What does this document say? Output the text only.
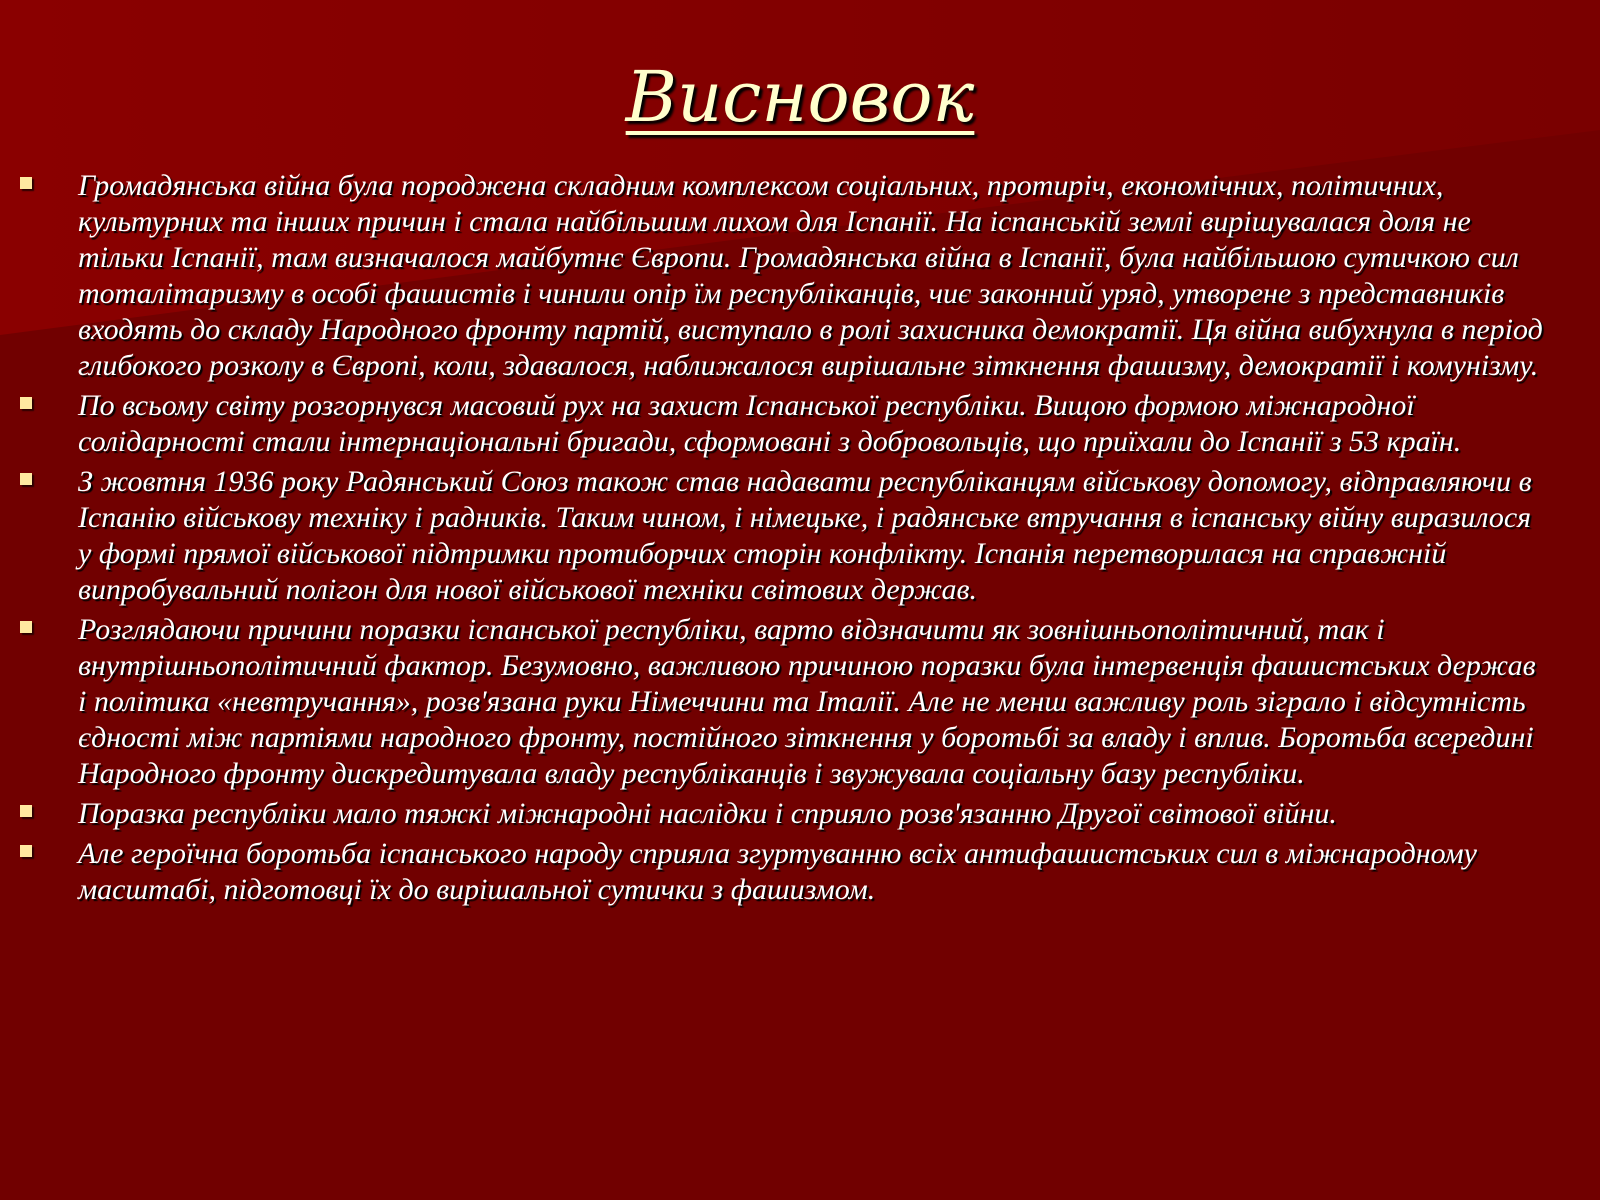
Висновок
Громадянська війна була породжена складним комплексом соціальних, протиріч, економічних, політичних, культурних та інших причин і стала найбільшим лихом для Іспанії. На іспанській землі вирішувалася доля не тільки Іспанії, там визначалося майбутнє Європи. Громадянська війна в Іспанії, була найбільшою сутичкою сил тоталітаризму в особі фашистів і чинили опір їм республіканців, чиє законний уряд, утворене з представників входять до складу Народного фронту партій, виступало в ролі захисника демократії. Ця війна вибухнула в період глибокого розколу в Європі, коли, здавалося, наближалося вирішальне зіткнення фашизму, демократії і комунізму.
По всьому світу розгорнувся масовий рух на захист Іспанської республіки. Вищою формою міжнародної солідарності стали інтернаціональні бригади, сформовані з добровольців, що приїхали до Іспанії з 53 країн.
З жовтня 1936 року Радянський Союз також став надавати республіканцям військову допомогу, відправляючи в Іспанію військову техніку і радників. Таким чином, і німецьке, і радянське втручання в іспанську війну виразилося у формі прямої військової підтримки протиборчих сторін конфлікту. Іспанія перетворилася на справжній випробувальний полігон для нової військової техніки світових держав.
Розглядаючи причини поразки іспанської республіки, варто відзначити як зовнішньополітичний, так і внутрішньополітичний фактор. Безумовно, важливою причиною поразки була інтервенція фашистських держав і політика «невтручання», розв'язана руки Німеччини та Італії. Але не менш важливу роль зіграло і відсутність єдності між партіями народного фронту, постійного зіткнення у боротьбі за владу і вплив. Боротьба всередині Народного фронту дискредитувала владу республіканців і звужувала соціальну базу республіки.
Поразка республіки мало тяжкі міжнародні наслідки і сприяло розв'язанню Другої світової війни.
Але героїчна боротьба іспанського народу сприяла згуртуванню всіх антифашистських сил в міжнародному масштабі, підготовці їх до вирішальної сутички з фашизмом.
